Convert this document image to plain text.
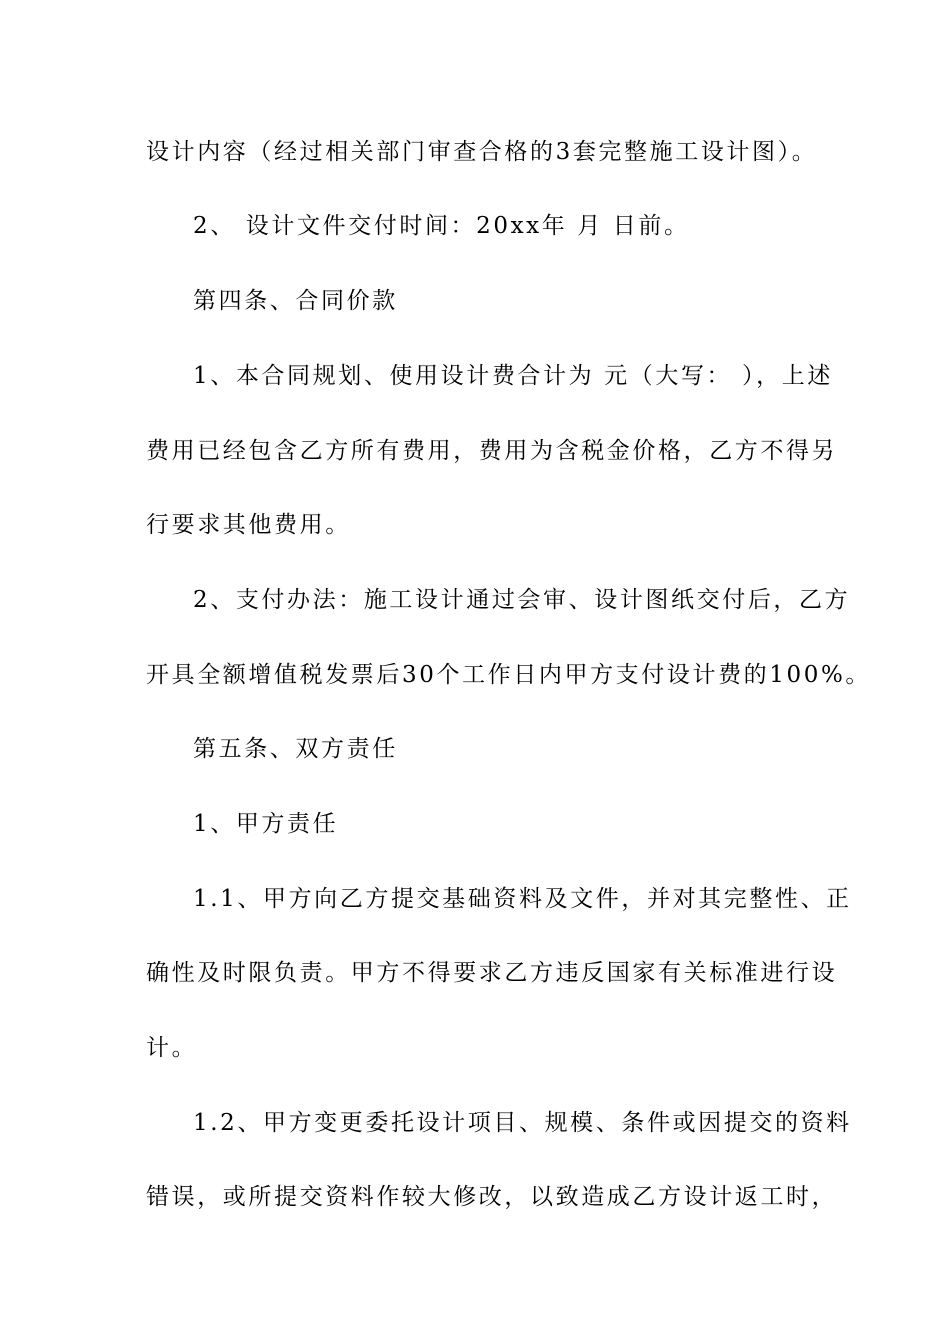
设计内容（经过相关部门审查合格的3套完整施工设计图）。
2、 设计文件交付时间：20xx年 月 日前。
第四条、合同价款
1、本合同规划、使用设计费合计为 元（大写： ），上述
费用已经包含乙方所有费用，费用为含税金价格，乙方不得另
行要求其他费用。
2、支付办法：施工设计通过会审、设计图纸交付后，乙方
开具全额增值税发票后30个工作日内甲方支付设计费的100%。
第五条、双方责任
1、甲方责任
1.1、甲方向乙方提交基础资料及文件，并对其完整性、正
确性及时限负责。甲方不得要求乙方违反国家有关标准进行设
计。
1.2、甲方变更委托设计项目、规模、条件或因提交的资料
错误，或所提交资料作较大修改，以致造成乙方设计返工时，
